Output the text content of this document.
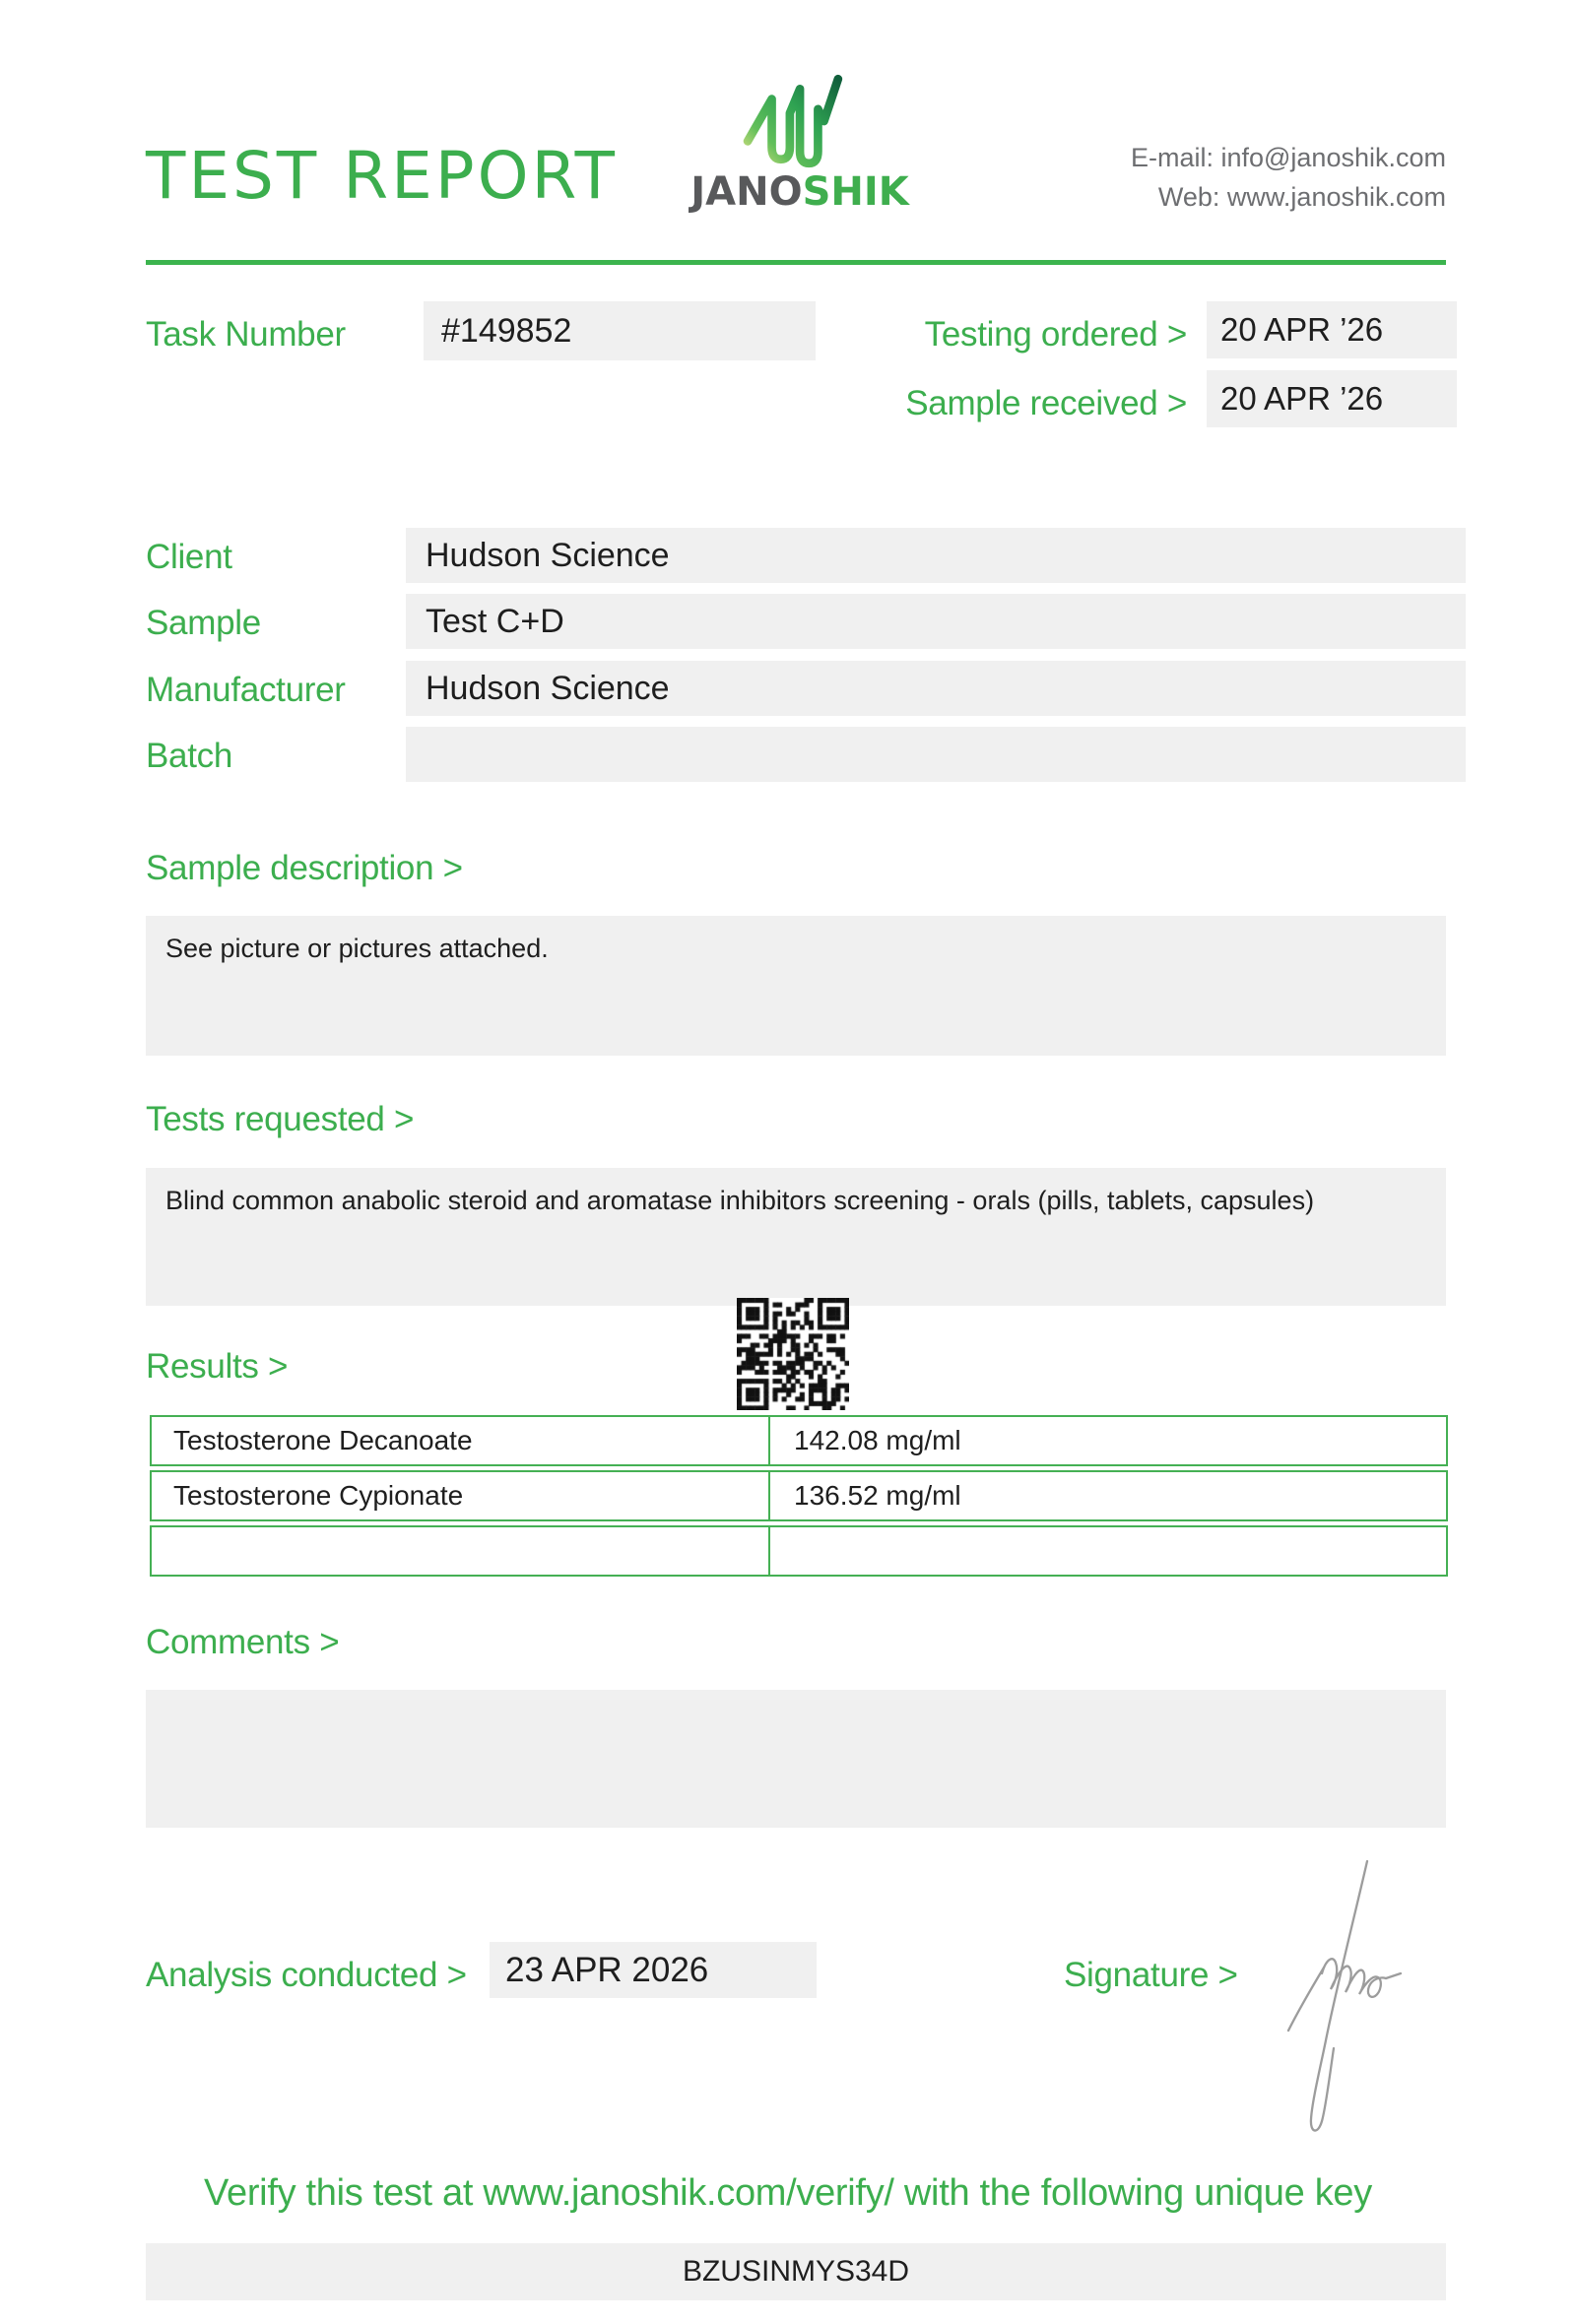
TEST REPORT JANOSHIK
E-mail: info@janoshik.com
Web: www.janoshik.com
Task Number	#149852	Testing ordered >	20 APR ’26
Sample received >	20 APR ’26
Client	Hudson Science
Sample	Test C+D
Manufacturer	Hudson Science
Batch
Sample description >
See picture or pictures attached.
Tests requested >
Blind common anabolic steroid and aromatase inhibitors screening - orals (pills, tablets, capsules)
Results >
Testosterone Decanoate	142.08 mg/ml
Testosterone Cypionate	136.52 mg/ml
Comments >
Analysis conducted >	23 APR 2026	Signature >
Verify this test at www.janoshik.com/verify/ with the following unique key
BZUSINMYS34D
